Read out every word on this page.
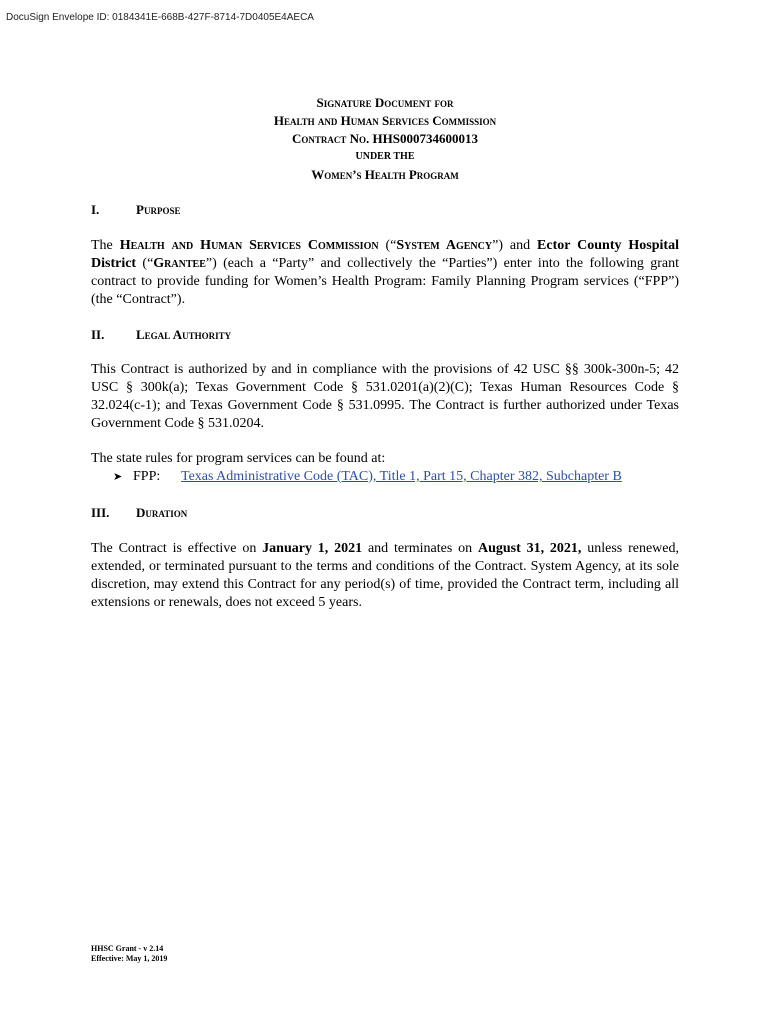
DocuSign Envelope ID: 0184341E-668B-427F-8714-7D0405E4AECA
Signature Document for
Health and Human Services Commission
Contract No. HHS000734600013
UNDER THE
Women’s Health Program
I.	Purpose
The Health and Human Services Commission (“System Agency”) and Ector County Hospital District (“Grantee”) (each a “Party” and collectively the “Parties”) enter into the following grant contract to provide funding for Women’s Health Program: Family Planning Program services (“FPP”) (the “Contract”).
II. Legal Authority
This Contract is authorized by and in compliance with the provisions of 42 USC §§ 300k-300n-5; 42 USC § 300k(a); Texas Government Code § 531.0201(a)(2)(C); Texas Human Resources Code § 32.024(c-1); and Texas Government Code § 531.0995. The Contract is further authorized under Texas Government Code § 531.0204.
The state rules for program services can be found at:
➤ FPP: Texas Administrative Code (TAC), Title 1, Part 15, Chapter 382, Subchapter B
III. Duration
The Contract is effective on January 1, 2021 and terminates on August 31, 2021, unless renewed, extended, or terminated pursuant to the terms and conditions of the Contract. System Agency, at its sole discretion, may extend this Contract for any period(s) of time, provided the Contract term, including all extensions or renewals, does not exceed 5 years.
HHSC Grant - v 2.14
Effective: May 1, 2019
